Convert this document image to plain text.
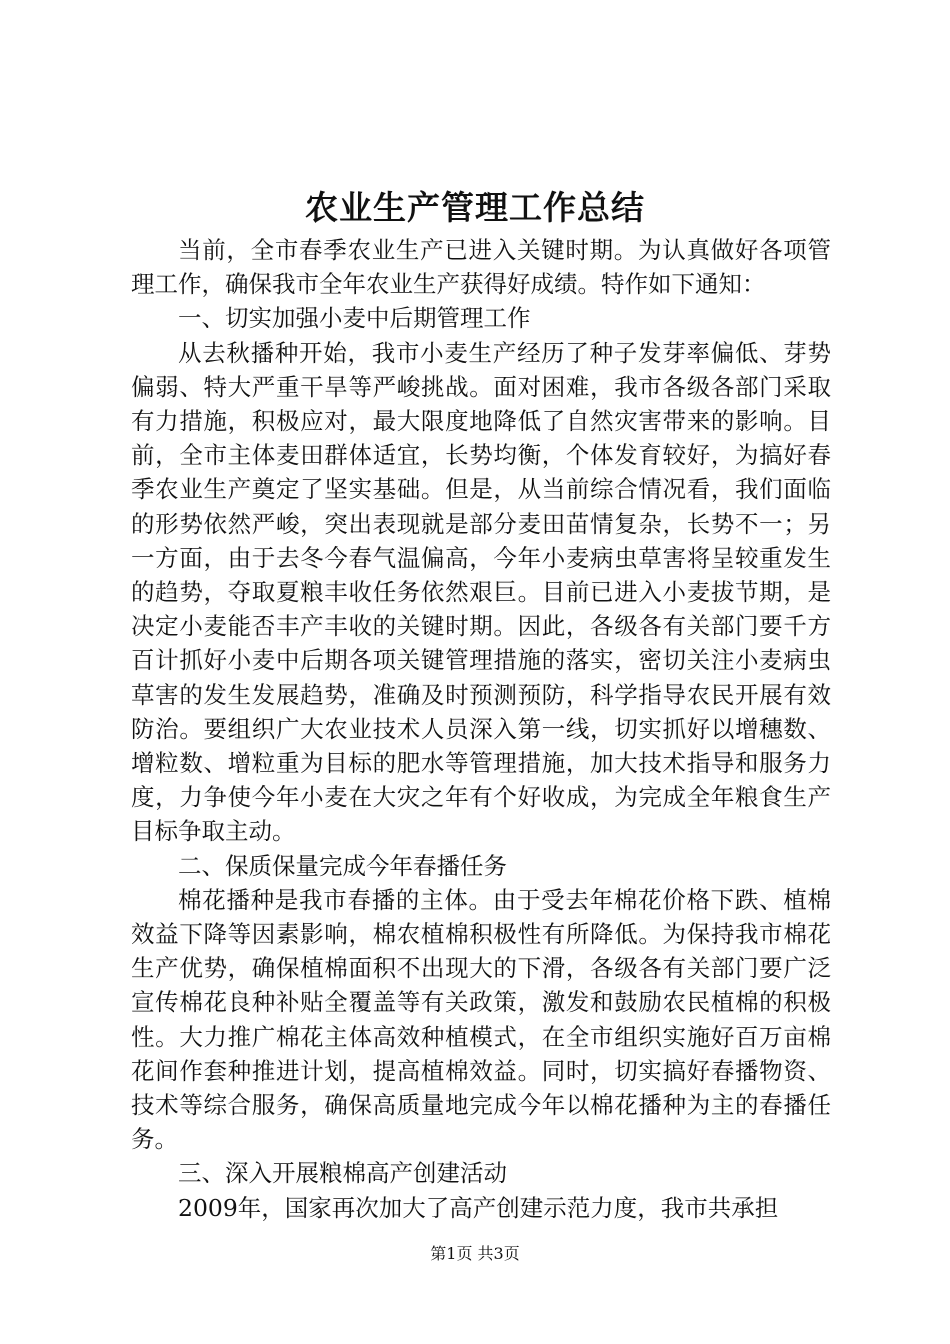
农业生产管理工作总结

当前，全市春季农业生产已进入关键时期。为认真做好各项管理工作，确保我市全年农业生产获得好成绩。特作如下通知：

一、切实加强小麦中后期管理工作

从去秋播种开始，我市小麦生产经历了种子发芽率偏低、芽势偏弱、特大严重干旱等严峻挑战。面对困难，我市各级各部门采取有力措施，积极应对，最大限度地降低了自然灾害带来的影响。目前，全市主体麦田群体适宜，长势均衡，个体发育较好，为搞好春季农业生产奠定了坚实基础。但是，从当前综合情况看，我们面临的形势依然严峻，突出表现就是部分麦田苗情复杂，长势不一；另一方面，由于去冬今春气温偏高，今年小麦病虫草害将呈较重发生的趋势，夺取夏粮丰收任务依然艰巨。目前已进入小麦拔节期，是决定小麦能否丰产丰收的关键时期。因此，各级各有关部门要千方百计抓好小麦中后期各项关键管理措施的落实，密切关注小麦病虫草害的发生发展趋势，准确及时预测预防，科学指导农民开展有效防治。要组织广大农业技术人员深入第一线，切实抓好以增穗数、增粒数、增粒重为目标的肥水等管理措施，加大技术指导和服务力度，力争使今年小麦在大灾之年有个好收成，为完成全年粮食生产目标争取主动。

二、保质保量完成今年春播任务

棉花播种是我市春播的主体。由于受去年棉花价格下跌、植棉效益下降等因素影响，棉农植棉积极性有所降低。为保持我市棉花生产优势，确保植棉面积不出现大的下滑，各级各有关部门要广泛宣传棉花良种补贴全覆盖等有关政策，激发和鼓励农民植棉的积极性。大力推广棉花主体高效种植模式，在全市组织实施好百万亩棉花间作套种推进计划，提高植棉效益。同时，切实搞好春播物资、技术等综合服务，确保高质量地完成今年以棉花播种为主的春播任务。

三、深入开展粮棉高产创建活动

2009年，国家再次加大了高产创建示范力度，我市共承担

第1页 共3页
